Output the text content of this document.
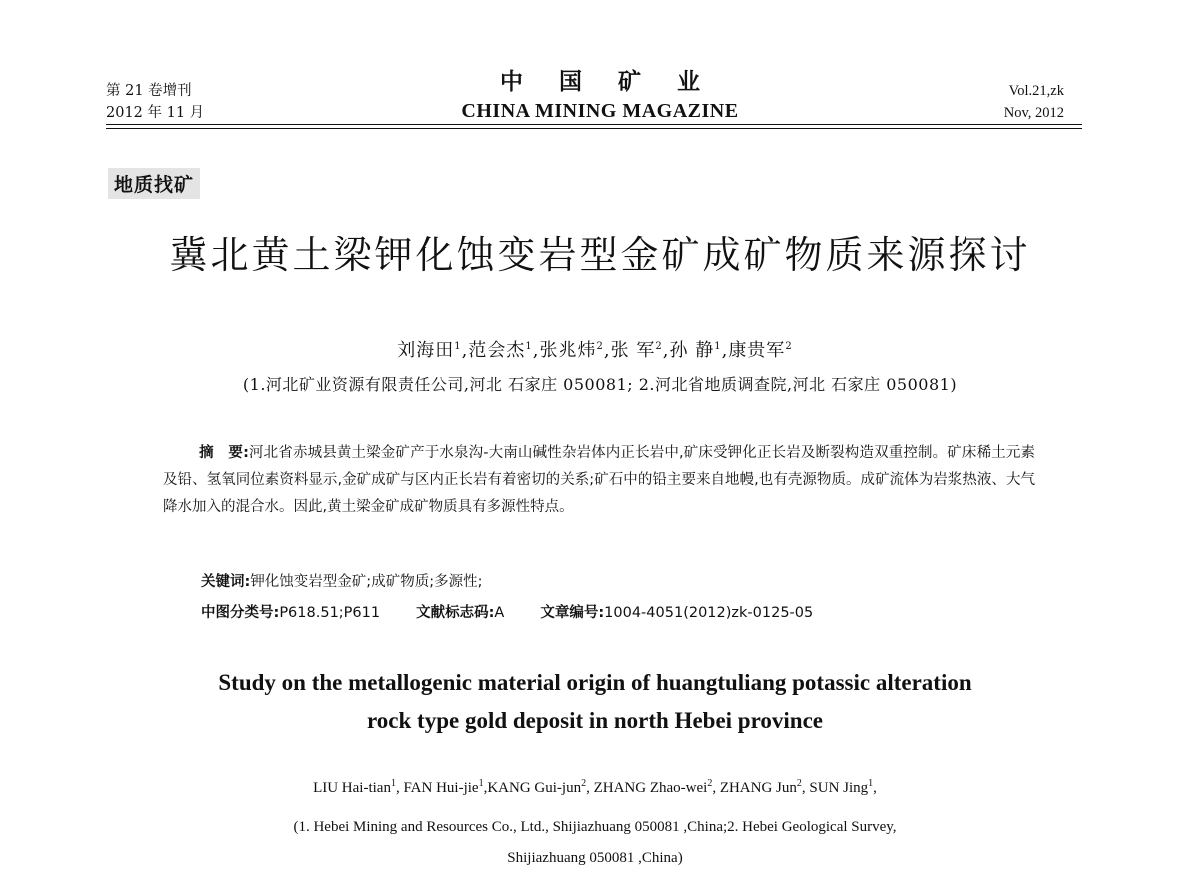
第 21 卷增刊
2012 年 11 月
中 国 矿 业
CHINA MINING MAGAZINE
Vol.21,zk
Nov, 2012
地质找矿
冀北黄土梁钾化蚀变岩型金矿成矿物质来源探讨
刘海田$^1$,范会杰$^1$,张兆炜$^2$,张 军$^2$,孙 静$^1$,康贵军$^2$
(1.河北矿业资源有限责任公司,河北 石家庄 050081; 2.河北省地质调查院,河北 石家庄 050081)
摘　要:河北省赤城县黄土梁金矿产于水泉沟-大南山碱性杂岩体内正长岩中,矿床受钾化正长岩及断裂构造双重控制。矿床稀土元素及铅、氢氧同位素资料显示,金矿成矿与区内正长岩有着密切的关系;矿石中的铅主要来自地幔,也有壳源物质。成矿流体为岩浆热液、大气降水加入的混合水。因此,黄土梁金矿成矿物质具有多源性特点。
关键词:钾化蚀变岩型金矿;成矿物质;多源性;
中图分类号:P618.51;P611 文献标志码:A 文章编号:1004-4051(2012)zk-0125-05
Study on the metallogenic material origin of huangtuliang potassic alteration
rock type gold deposit in north Hebei province
LIU Hai-tian$^1$, FAN Hui-jie$^1$,KANG Gui-jun$^2$, ZHANG Zhao-wei$^2$, ZHANG Jun$^2$, SUN Jing$^1$,
(1. Hebei Mining and Resources Co., Ltd., Shijiazhuang 050081 ,China;2. Hebei Geological Survey,
Shijiazhuang 050081 ,China)
